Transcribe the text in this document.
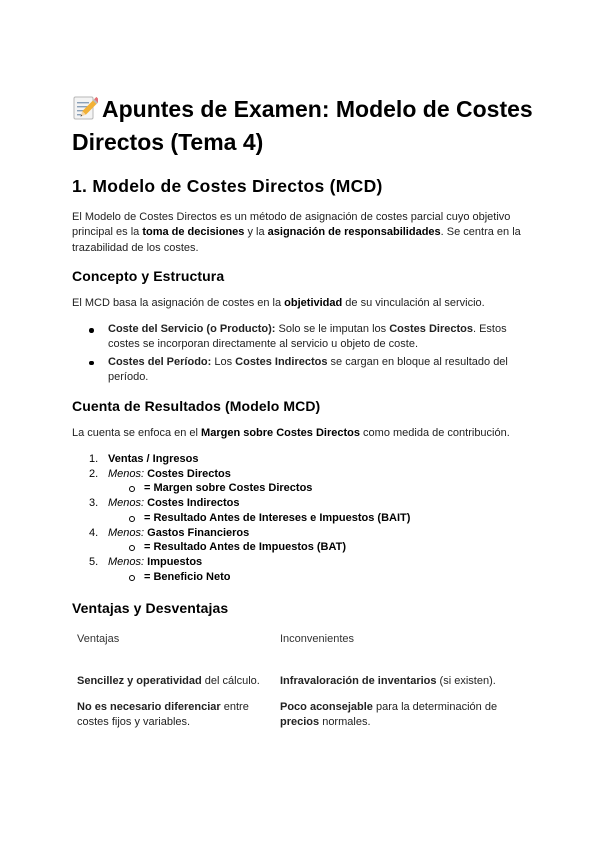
Apuntes de Examen: Modelo de Costes Directos (Tema 4)
1. Modelo de Costes Directos (MCD)

El Modelo de Costes Directos es un método de asignación de costes parcial cuyo objetivo principal es la toma de decisiones y la asignación de responsabilidades. Se centra en la trazabilidad de los costes.

Concepto y Estructura

El MCD basa la asignación de costes en la objetividad de su vinculación al servicio.

Coste del Servicio (o Producto): Solo se le imputan los Costes Directos. Estos costes se incorporan directamente al servicio u objeto de coste.
Costes del Período: Los Costes Indirectos se cargan en bloque al resultado del período.
Cuenta de Resultados (Modelo MCD)

La cuenta se enfoca en el Margen sobre Costes Directos como medida de contribución.

1. Ventas / Ingresos
2. Menos: Costes Directos
= Margen sobre Costes Directos
3. Menos: Costes Indirectos
= Resultado Antes de Intereses e Impuestos (BAIT)
4. Menos: Gastos Financieros
= Resultado Antes de Impuestos (BAT)
5. Menos: Impuestos
= Beneficio Neto
Ventajas y Desventajas
Ventajas	Inconvenientes
Sencillez y operatividad del cálculo.	Infravaloración de inventarios (si existen).
No es necesario diferenciar entre costes fijos y variables.
Poco aconsejable para la determinación de precios normales.
